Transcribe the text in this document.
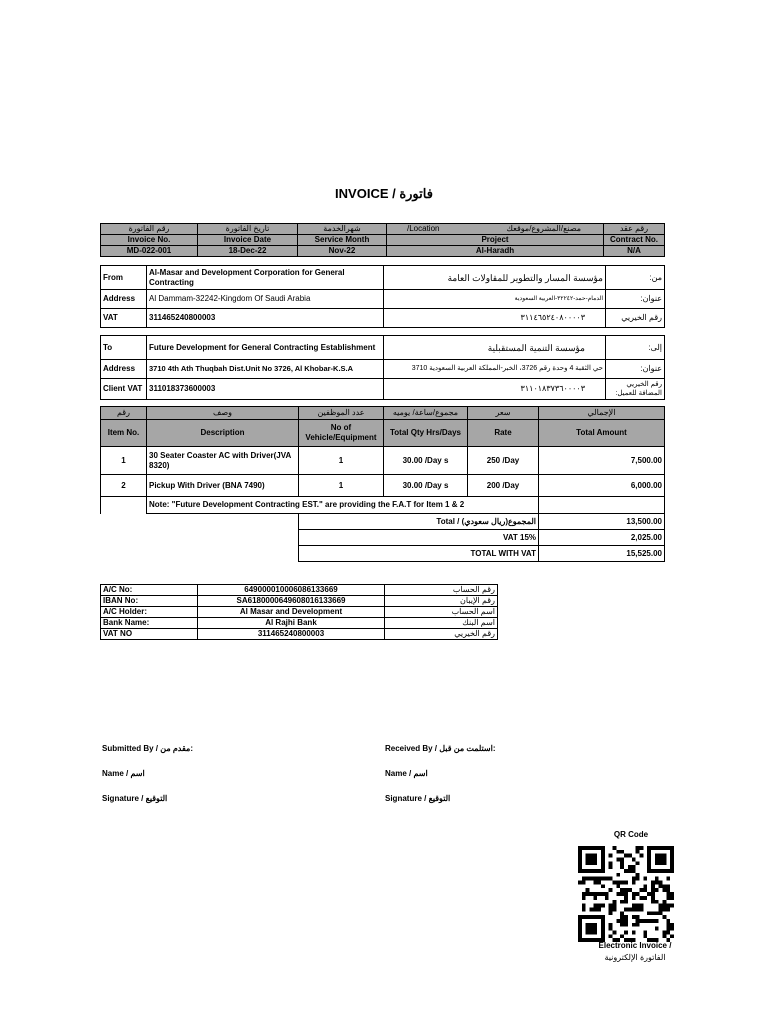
INVOICE / فاتورة
رقم الفاتورة	تاريخ الفاتورة	شهرالخدمة	/Location مصنع/المشروع/موقعك	رقم عقد
Invoice No.	Invoice Date	Service Month	Project	Contract No.
MD-022-001	18-Dec-22	Nov-22	Al-Haradh	N/A
From	Al-Masar and Development Corporation for General Contracting	مؤسسة المسار والتطوير للمقاولات العامة	من:
Address	Al Dammam-32242-Kingdom Of Saudi Arabia	الدمام-حمد-٣٢٢٤٢-العربية السعودية	عنوان:
VAT	311465240800003	٣١١٤٦٥٢٤٠٨٠٠٠٠٣	رقم الخيريي
To	Future Development for General Contracting Establishment	مؤسسة التنمية المستقبلية	إلى:
Address	3710 4th Ath Thuqbah Dist.Unit No 3726, Al Khobar-K.S.A	حي الثقبة 4 وحدة رقم 3726، الخبر-المملكة العربية السعودية 3710	عنوان:
Client VAT	311018373600003	٣١١٠١٨٣٧٣٦٠٠٠٠٣	رقم الخيريي المضافة للعميل:
رقم	وصف	عدد الموظفين	مجموع/ساعة/ يوميه	سعر	الإجمالي
Item No.	Description	No of Vehicle/Equipment	Total Qty Hrs/Days	Rate	Total Amount
1	30 Seater Coaster AC with Driver(JVA 8320)	1	30.00 /Day s	250 /Day	7,500.00
2	Pickup With Driver (BNA 7490)	1	30.00 /Day s	200 /Day	6,000.00
	Note: "Future Development Contracting EST." are providing the F.A.T for Item 1 & 2				
		Total / المجموع(ريال سعودي)			13,500.00
		VAT 15%			2,025.00
		TOTAL WITH VAT			15,525.00
A/C No:	649000010006086133669	رقم الحساب
IBAN No:	SA6180000649608016133669	رقم الإيبان
A/C Holder:	Al Masar and Development	اسم الحساب
Bank Name:	Al Rajhi Bank	اسم البنك
VAT NO	311465240800003	رقم الخيريي
Submitted By / مقدم من:	Received By / استلمت من قبل:
Name / اسم	Name / اسم
Signature / التوقيع	Signature / التوقيع
QR Code
Electronic Invoice /
الفاتورة الإلكترونية
